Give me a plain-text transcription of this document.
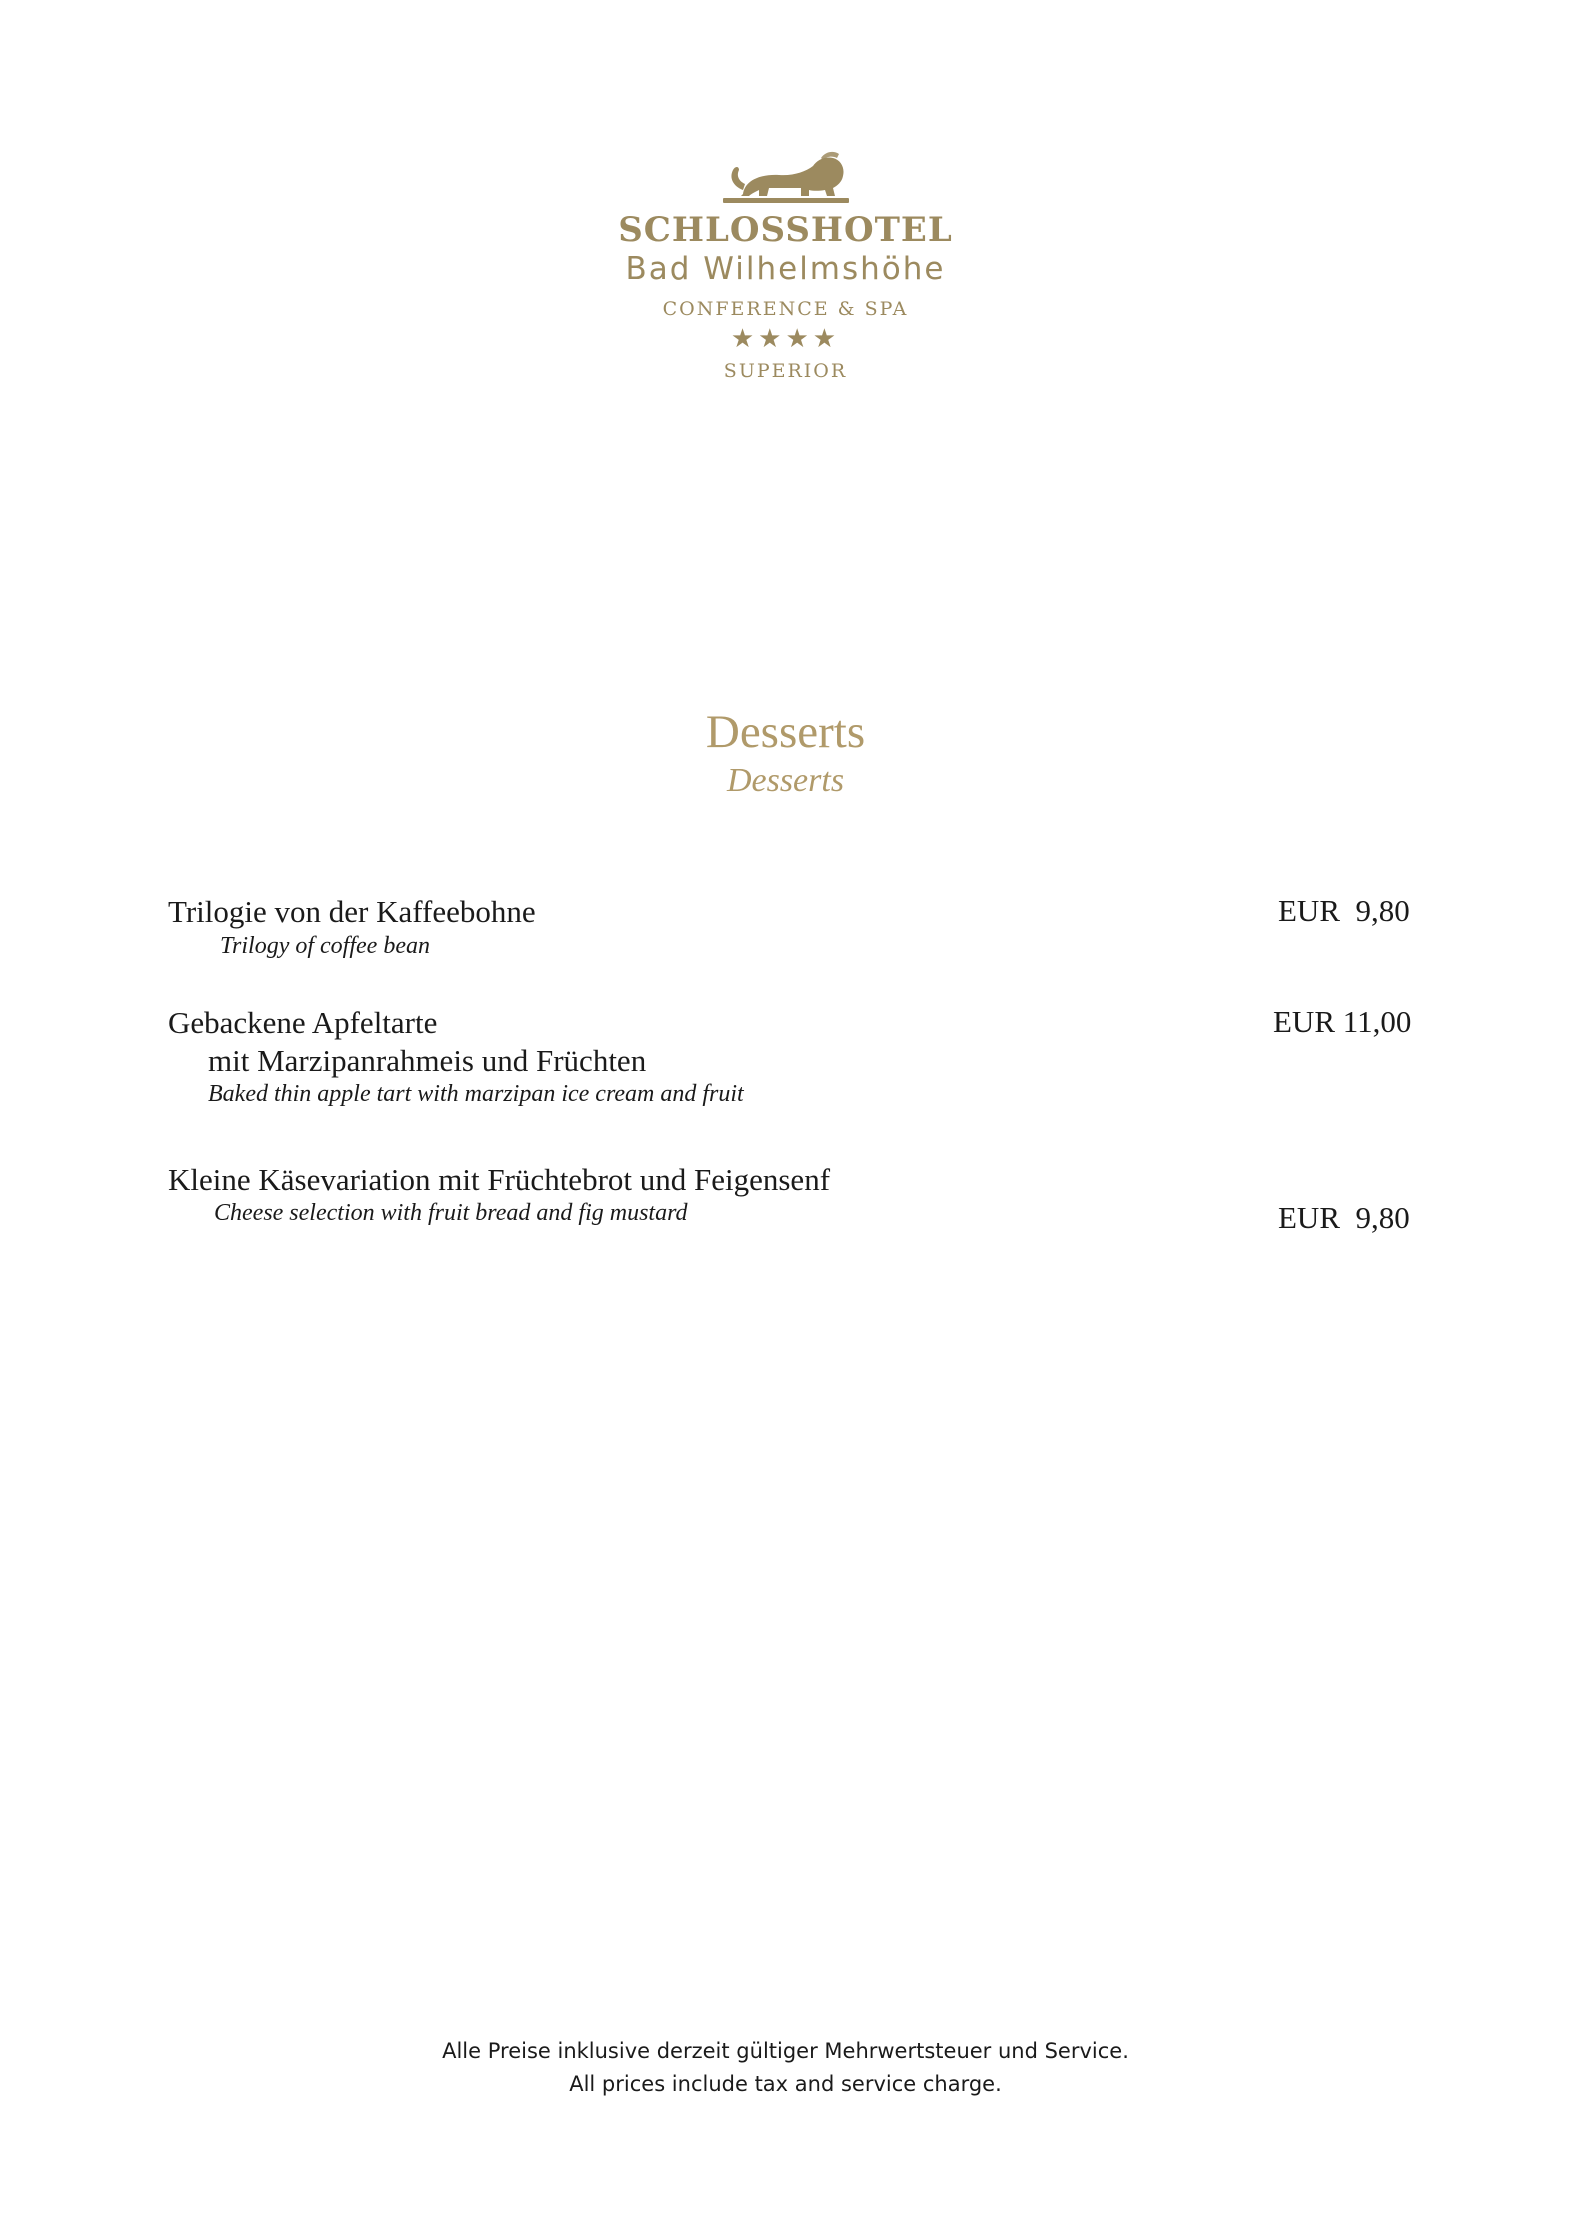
SCHLOSSHOTEL
Bad Wilhelmshöhe
CONFERENCE & SPA
★★★★
SUPERIOR
Desserts
Desserts
Trilogie von der Kaffeebohne
Trilogy of coffee bean
EUR  9,80
Gebackene Apfeltarte
mit Marzipanrahmeis und Früchten
Baked thin apple tart with marzipan ice cream and fruit
EUR 11,00
Kleine Käsevariation mit Früchtebrot und Feigensenf
Cheese selection with fruit bread and fig mustard	EUR  9,80
Alle Preise inklusive derzeit gültiger Mehrwertsteuer und Service.
All prices include tax and service charge.
